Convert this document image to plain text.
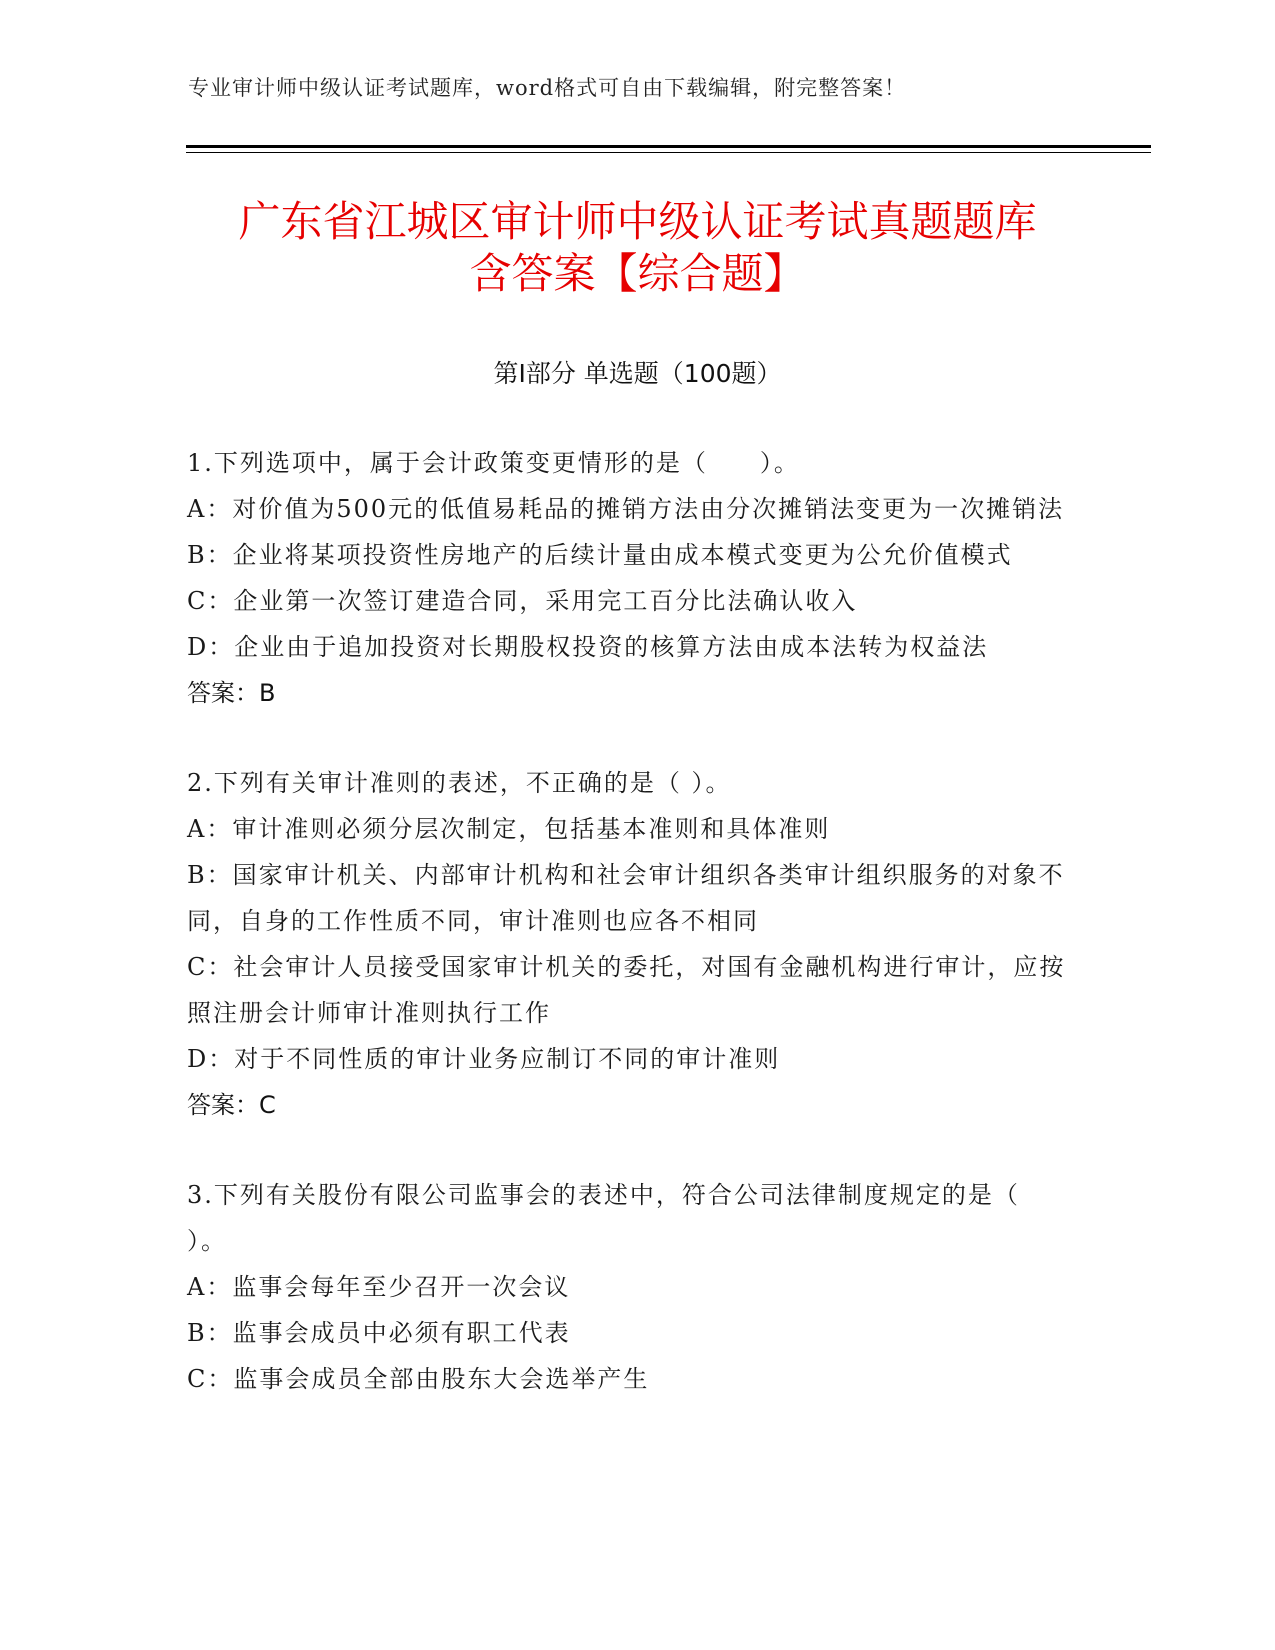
专业审计师中级认证考试题库，word格式可自由下载编辑，附完整答案！
广东省江城区审计师中级认证考试真题题库
含答案【综合题】
第Ⅰ部分 单选题（100题）
1.下列选项中，属于会计政策变更情形的是（　　）。
A：对价值为500元的低值易耗品的摊销方法由分次摊销法变更为一次摊销法
B：企业将某项投资性房地产的后续计量由成本模式变更为公允价值模式
C：企业第一次签订建造合同，采用完工百分比法确认收入
D：企业由于追加投资对长期股权投资的核算方法由成本法转为权益法
答案：B
2.下列有关审计准则的表述，不正确的是（ ）。
A：审计准则必须分层次制定，包括基本准则和具体准则
B：国家审计机关、内部审计机构和社会审计组织各类审计组织服务的对象不同，自身的工作性质不同，审计准则也应各不相同
C：社会审计人员接受国家审计机关的委托，对国有金融机构进行审计，应按照注册会计师审计准则执行工作
D：对于不同性质的审计业务应制订不同的审计准则
答案：C
3.下列有关股份有限公司监事会的表述中，符合公司法律制度规定的是（　　　）。
A：监事会每年至少召开一次会议
B：监事会成员中必须有职工代表
C：监事会成员全部由股东大会选举产生
